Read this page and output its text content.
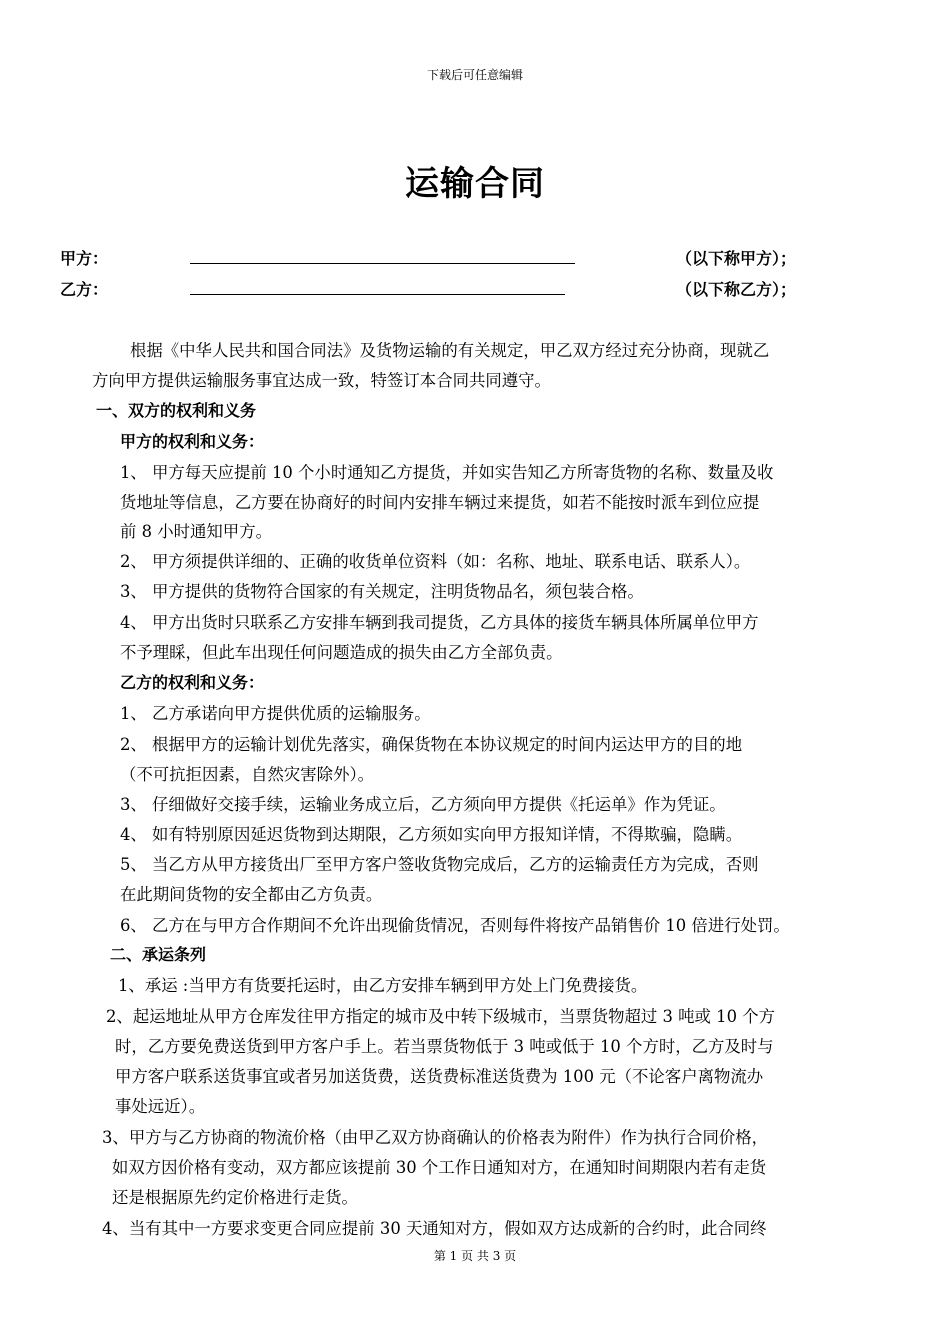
下载后可任意编辑
运输合同
甲方：	（以下称甲方）；
乙方：	（以下称乙方）；
根据《中华人民共和国合同法》及货物运输的有关规定，甲乙双方经过充分协商，现就乙
方向甲方提供运输服务事宜达成一致，特签订本合同共同遵守。
一、双方的权利和义务
甲方的权利和义务：
1、 甲方每天应提前 10 个小时通知乙方提货，并如实告知乙方所寄货物的名称、数量及收
货地址等信息，乙方要在协商好的时间内安排车辆过来提货，如若不能按时派车到位应提
前 8 小时通知甲方。
2、 甲方须提供详细的、正确的收货单位资料（如：名称、地址、联系电话、联系人）。
3、 甲方提供的货物符合国家的有关规定，注明货物品名，须包装合格。
4、 甲方出货时只联系乙方安排车辆到我司提货，乙方具体的接货车辆具体所属单位甲方
不予理睬，但此车出现任何问题造成的损失由乙方全部负责。
乙方的权利和义务：
1、 乙方承诺向甲方提供优质的运输服务。
2、 根据甲方的运输计划优先落实，确保货物在本协议规定的时间内运达甲方的目的地
（不可抗拒因素，自然灾害除外）。
3、 仔细做好交接手续，运输业务成立后，乙方须向甲方提供《托运单》作为凭证。
4、 如有特别原因延迟货物到达期限，乙方须如实向甲方报知详情，不得欺骗，隐瞒。
5、 当乙方从甲方接货出厂至甲方客户签收货物完成后，乙方的运输责任方为完成，否则
在此期间货物的安全都由乙方负责。
6、 乙方在与甲方合作期间不允许出现偷货情况，否则每件将按产品销售价 10 倍进行处罚。
二、承运条列
1、承运 :当甲方有货要托运时，由乙方安排车辆到甲方处上门免费接货。
2、起运地址从甲方仓库发往甲方指定的城市及中转下级城市，当票货物超过 3 吨或 10 个方
时，乙方要免费送货到甲方客户手上。若当票货物低于 3 吨或低于 10 个方时，乙方及时与
甲方客户联系送货事宜或者另加送货费，送货费标准送货费为 100 元（不论客户离物流办
事处远近）。
3、甲方与乙方协商的物流价格（由甲乙双方协商确认的价格表为附件）作为执行合同价格，
如双方因价格有变动，双方都应该提前 30 个工作日通知对方，在通知时间期限内若有走货
还是根据原先约定价格进行走货。
4、当有其中一方要求变更合同应提前 30 天通知对方，假如双方达成新的合约时，此合同终
第 1 页 共 3 页
